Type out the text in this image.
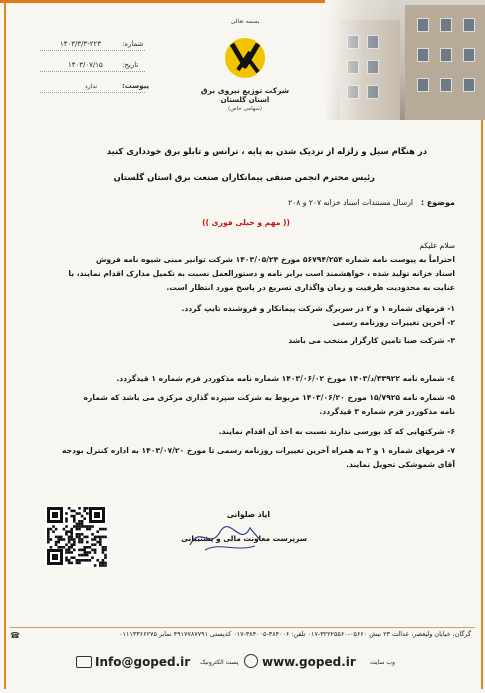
بسمه تعالی
شرکت توزیع نیروی برق
استان گلستان
(سهامی خاص)
شماره:
۱۴۰۳/۳/۳-۲۲۳
تاریخ:
۱۴۰۳/۰۷/۱۵
پیوست:
ندارد
در هنگام سیل و زلزله از نزدیک شدن به پایه ، ترانس و تابلو برق خودداری کنید
رئیس محترم انجمن صنفی پیمانکاران صنعت برق استان گلستان
موضوع :
ارسال مستندات اسناد خزانه ۲۰۷ و ۲۰۸
(( مهم و خیلی فوری ))
سلام علیکم
احتراماً به پیوست نامه شماره ۵۶۷۹۴/۲۵۴ مورخ ۱۴۰۳/۰۵/۲۴ شرکت توانیر مبنی شیوه نامه فروش
اسناد خزانه تولید شده ، خواهشمند است برابر نامه و دستورالعمل نسبت به تکمیل مدارک اقدام نمایند، با
عنایت به محدودیت ظرفیت و زمان واگذاری تسریع در پاسخ مورد انتظار است.
۱- فرمهای شماره ۱ و ۲ در سربرگ شرکت پیمانکار و فروشنده تایپ گردد.
۲- آخرین تغییرات روزنامه رسمی
۳- شرکت صبا تامین کارگزار منتخب می باشد
٤- شماره نامه ۳۳۹۲۲/د/۱۴۰۳ مورخ ۱۴۰۳/۰۶/۰۲ شماره نامه مذکوردر فرم شماره ۱ قیدگردد.
۵- شماره نامه ۱۵/۷۹۲۵ مورخ ۱۴۰۳/۰۶/۲۰ مربوط به شرکت سپرده گذاری مرکزی می باشد که شماره
نامه مذکوردر فرم شماره ۳ قیدگردد.
۶- شرکتهایی که کد بورسی ندارند نسبت به اخذ آن اقدام نمایند.
۷- فرمهای شماره ۱ و ۲ به همراه آخرین تغییرات روزنامه رسمی تا مورخ ۱۴۰۳/۰۷/۲۰ به اداره کنترل بودجه
آقای شموشکی تحویل نمایند.
ایاذ صلواتی
سرپرست معاونت مالی و پشتیبانی
گرگان، خیابان ولیعصر، عدالت ۲۳ نبش ۰۵۶۶۰-۳۲۲۲۵۵۶۰-۰۱۷ تلفن: ۳۸۴۰۰۶-۳۸۴۰۰۵-۰۱۷ کدپستی ۴۹۱۷۷۸۷۷۹۱ نمابر ۰۱۱۱۳۳۶۶۲۷۵
Info@goped.ir پست الکترونیک www.goped.ir وب سایت
☎
